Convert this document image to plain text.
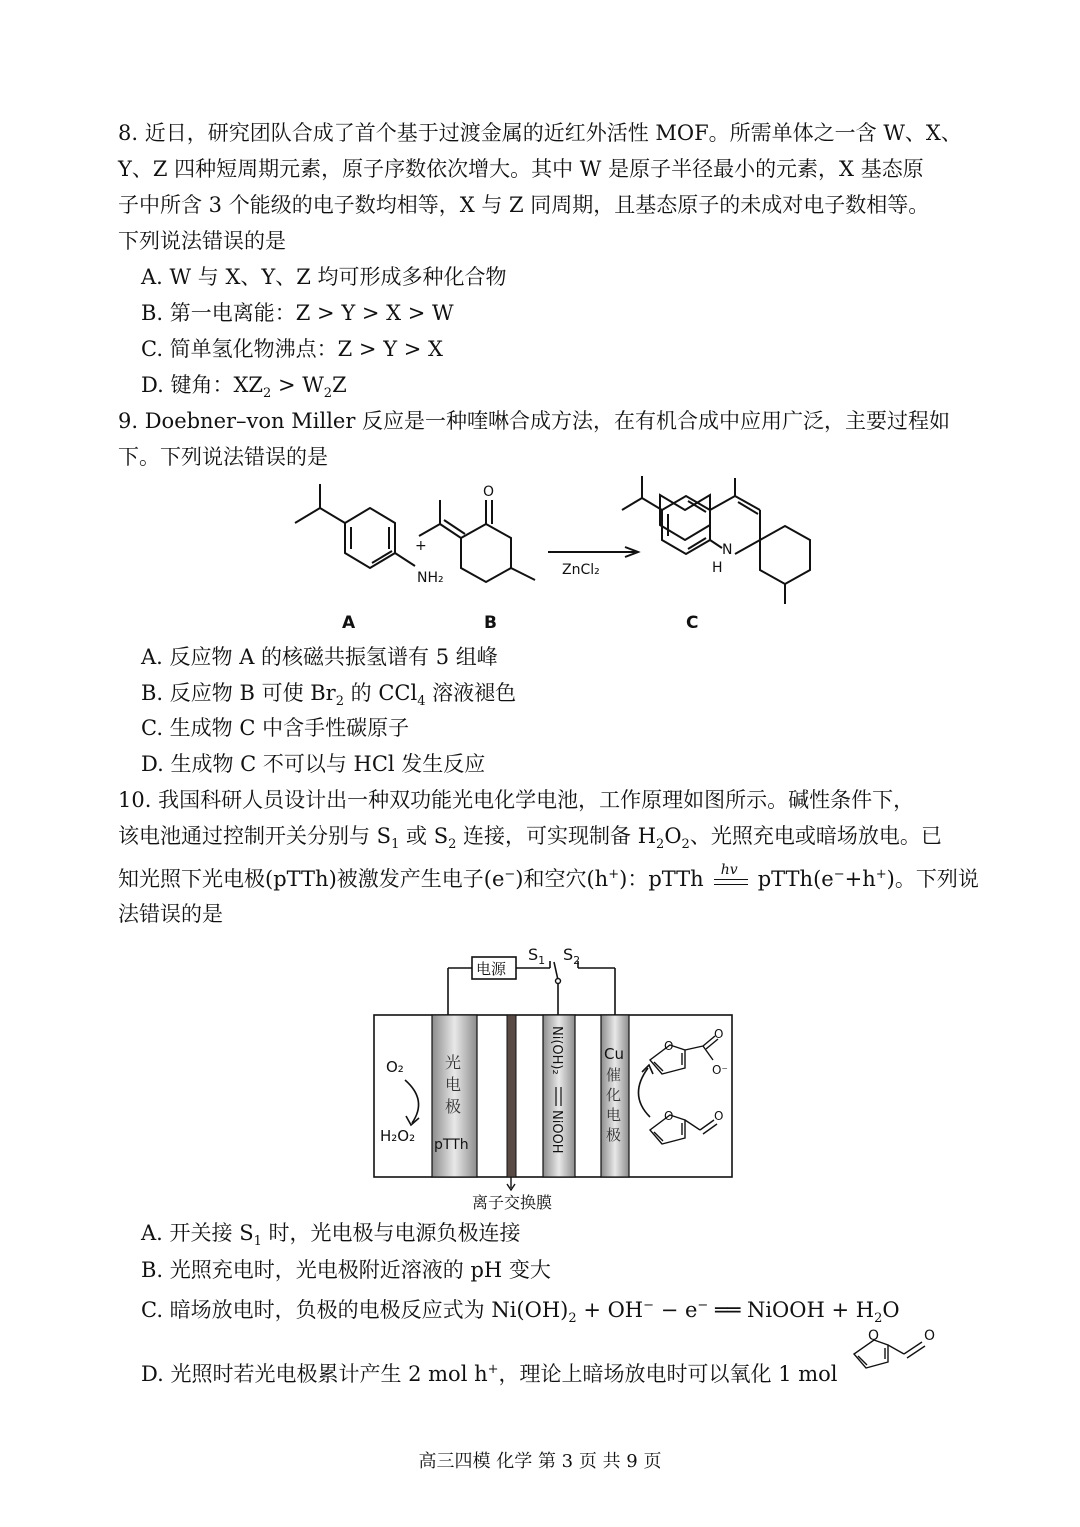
8. 近日，研究团队合成了首个基于过渡金属的近红外活性 MOF。所需单体之一含 W、X、
Y、Z 四种短周期元素，原子序数依次增大。其中 W 是原子半径最小的元素，X 基态原
子中所含 3 个能级的电子数均相等，X 与 Z 同周期，且基态原子的未成对电子数相等。
下列说法错误的是
A. W 与 X、Y、Z 均可形成多种化合物
B. 第一电离能：Z > Y > X > W
C. 简单氢化物沸点：Z > Y > X
D. 键角：$XZ_2 > W_2Z$
9. Doebner–von Miller 反应是一种喹啉合成方法，在有机合成中应用广泛，主要过程如
下。下列说法错误的是
NH₂
+
O
ZnCl₂
N
H
A	B	C
A. 反应物 A 的核磁共振氢谱有 5 组峰
B. 反应物 B 可使 $Br_2$ 的 CCl$_4$ 溶液褪色
C. 生成物 C 中含手性碳原子
D. 生成物 C 不可以与 HCl 发生反应
10. 我国科研人员设计出一种双功能光电化学电池，工作原理如图所示。碱性条件下，
该电池通过控制开关分别与 $S_1$ 或 $S_2$ 连接，可实现制备 $H_2O_2$、光照充电或暗场放电。已
知光照下光电极(pTTh)被激发产生电子(e−)和空穴(h+)：pTTh hv pTTh(e−+h+)。下列说
法错误的是
电源
$S_1$ $S_2$
O₂
H₂O₂
光
电
极
pTTh
Ni(OH)₂
NiOOH
Cu
催
化
电
极
O
O
O⁻
O	O
离子交换膜
A. 开关接 $S_1$ 时，光电极与电源负极连接
B. 光照充电时，光电极附近溶液的 pH 变大
C. 暗场放电时，负极的电极反应式为 $Ni(OH)_2 + OH^- - e^-$ ══ NiOOH + $H_2O$
D. 光照时若光电极累计产生 2 mol h+，理论上暗场放电时可以氧化 1 mol
O	O
高三四模 化学 第 3 页 共 9 页
